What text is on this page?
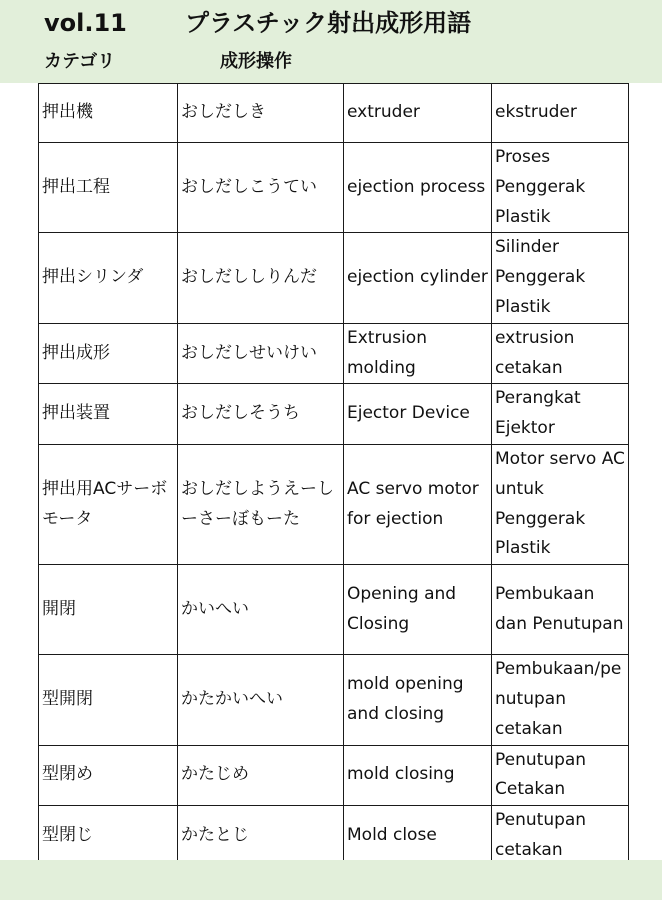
vol.11 プラスチック射出成形用語
カテゴリ	成形操作
押出機	おしだしき	extruder	ekstruder
押出工程	おしだしこうてい	ejection process	Proses Penggerak Plastik
押出シリンダ	おしだししりんだ	ejection cylinder	Silinder Penggerak Plastik
押出成形	おしだしせいけい	Extrusion molding	extrusion cetakan
押出装置	おしだしそうち	Ejector Device	Perangkat Ejektor
押出用ACサーボモータ	おしだしようえーしーさーぼもーた	AC servo motor for ejection	Motor servo AC untuk Penggerak Plastik
開閉	かいへい	Opening and Closing	Pembukaan dan Penutupan
型開閉	かたかいへい	mold opening and closing	Pembukaan/penutupan cetakan
型閉め	かたじめ	mold closing	Penutupan Cetakan
型閉じ	かたとじ	Mold close	Penutupan cetakan
